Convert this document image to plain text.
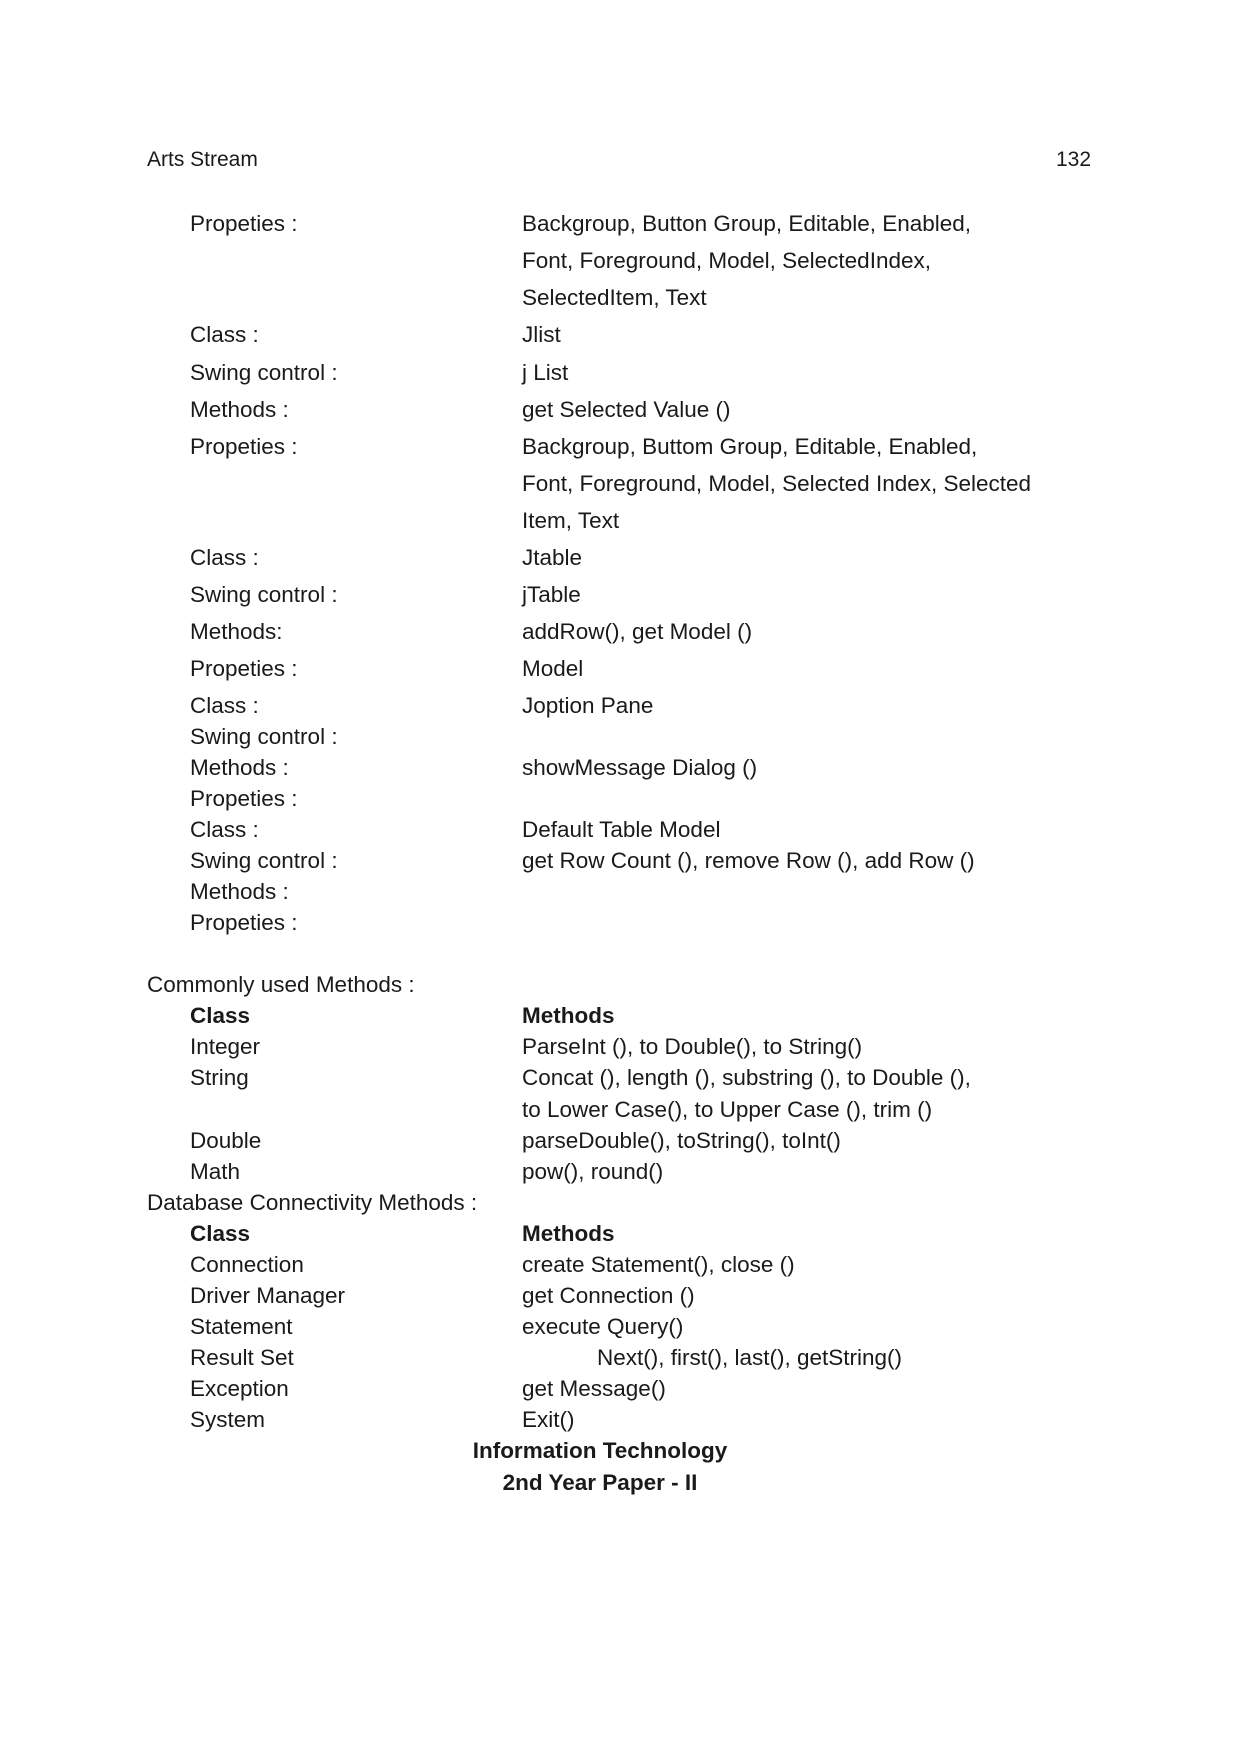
Arts Stream	132
Propeties :	Backgroup, Button Group, Editable, Enabled,
Font, Foreground, Model, SelectedIndex,
SelectedItem, Text
Class :	Jlist
Swing control :	j List
Methods :	get Selected Value ()
Propeties :	Backgroup, Buttom Group, Editable, Enabled,
Font, Foreground, Model, Selected Index, Selected
Item, Text
Class :	Jtable
Swing control :	jTable
Methods:	addRow(), get Model ()
Propeties :	Model
Class :	Joption Pane
Swing control :
Methods :	showMessage Dialog ()
Propeties :
Class :	Default Table Model
Swing control :	get Row Count (), remove Row (), add Row ()
Methods :
Propeties :
Commonly used Methods :
Class	Methods
Integer	ParseInt (), to Double(), to String()
String	Concat (), length (), substring (), to Double (),
to Lower Case(), to Upper Case (), trim ()
Double	parseDouble(), toString(), toInt()
Math	pow(), round()
Database Connectivity Methods :
Class	Methods
Connection	create Statement(), close ()
Driver Manager	get Connection ()
Statement	execute Query()
Result Set	Next(), first(), last(), getString()
Exception	get Message()
System	Exit()
Information Technology
2nd Year Paper - II
